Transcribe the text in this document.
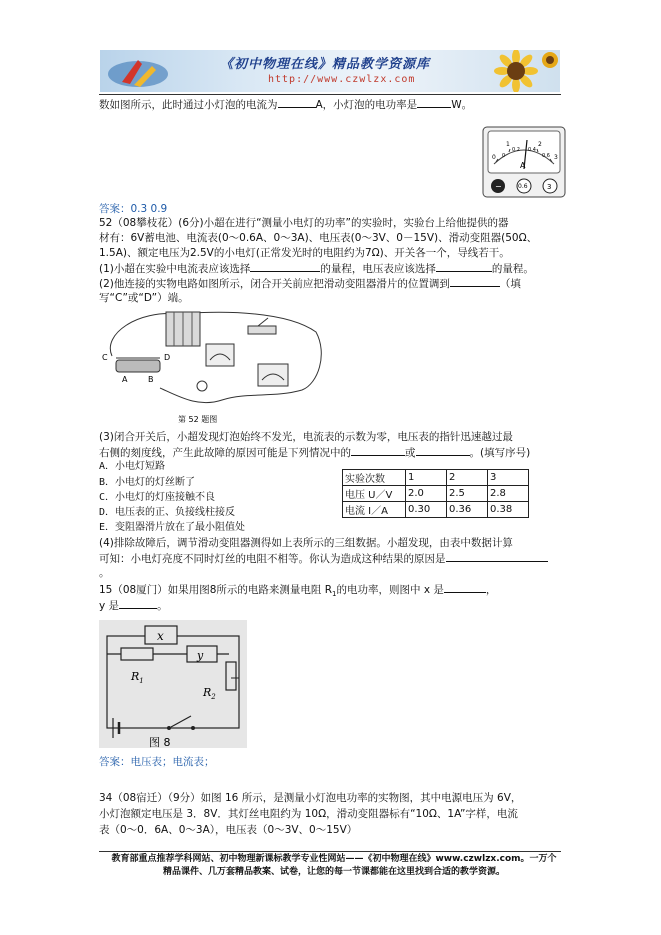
《初中物理在线》精品教学资源库
http://www.czwlzx.com
数如图所示，此时通过小灯泡的电流为	A，小灯泡的电功率是	W。
0
1	2
3
0
0.2 0.4
0.6
A
−	0.6	3
答案：0.3 0.9
52（08攀枝花）(6分)小超在进行“测量小电灯的功率”的实验时，实验台上给他提供的器
材有：6V蓄电池、电流表(0～0.6A、0～3A)、电压表(0～3V、0－15V)、滑动变阻器(50Ω、
1.5A)、额定电压为2.5V的小电灯(正常发光时的电阻约为7Ω)、开关各一个，导线若干。
(1)小超在实验中电流表应该选择	的量程，电压表应该选择	的量程。
(2)他连接的实物电路如图所示，闭合开关前应把滑动变阻器滑片的位置调到	（填
写“C”或“D”）端。
C	D
A	B
第 52 题图
(3)闭合开关后，小超发现灯泡始终不发光，电流表的示数为零，电压表的指针迅速越过最
右侧的刻度线，产生此故障的原因可能是下列情况中的	或	。(填写序号)
A．小电灯短路
B．小电灯的灯丝断了
C．小电灯的灯座接触不良
D．电压表的正、负接线柱接反
E．变阻器滑片放在了最小阻值处
实验次数	1	2	3
电压 U／V	2.0	2.5	2.8
电流 I／A	0.30	0.36	0.38
(4)排除故障后，调节滑动变阻器测得如上表所示的三组数据。小超发现，由表中数据计算
可知：小电灯亮度不同时灯丝的电阻不相等。你认为造成这种结果的原因是
。
15（08厦门）如果用图8所示的电路来测量电阻 $R_1$的电功率，则图中 x 是	，
y 是	。
x
y
$R_1$
$R_2$
图 8
答案：电压表；电流表；
34（08宿迁）（9分）如图 16 所示，是测量小灯泡电功率的实物图，其中电源电压为 6V，
小灯泡额定电压是 3．8V．其灯丝电阻约为 10Ω，滑动变阻器标有“10Ω、1A”字样，电流
表（0～0．6A、0～3A），电压表（0～3V、0～15V）
教育部重点推荐学科网站、初中物理新课标教学专业性网站——《初中物理在线》www.czwlzx.com。一万个
精品课件、几万套精品教案、试卷，让您的每一节课都能在这里找到合适的教学资源。
